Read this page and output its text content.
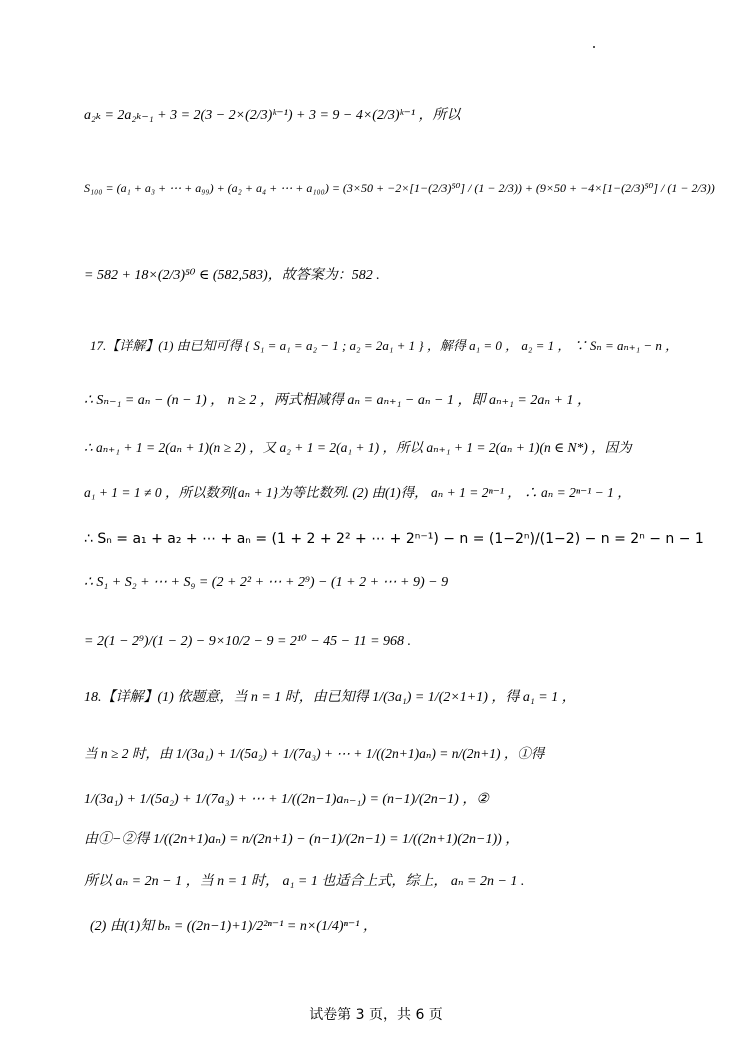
a₂ₖ = 2a₂ₖ₋₁ + 3 = 2(3 − 2×(2/3)ᵏ⁻¹) + 3 = 9 − 4×(2/3)ᵏ⁻¹ ，所以
S₁₀₀ = (a₁ + a₃ + ⋯ + a₉₉) + (a₂ + a₄ + ⋯ + a₁₀₀) = (3×50 + −2×[1−(2/3)⁵⁰] / (1 − 2/3)) + (9×50 + −4×[1−(2/3)⁵⁰] / (1 − 2/3))
= 582 + 18×(2/3)⁵⁰ ∈ (582,583)，故答案为：582 .
17.【详解】(1) 由已知可得 { S₁ = a₁ = a₂ − 1 ; a₂ = 2a₁ + 1 } ，解得 a₁ = 0 ， a₂ = 1 ， ∵ Sₙ = aₙ₊₁ − n ，
∴ Sₙ₋₁ = aₙ − (n − 1) ， n ≥ 2 ，两式相减得 aₙ = aₙ₊₁ − aₙ − 1 ，即 aₙ₊₁ = 2aₙ + 1 ，
∴ aₙ₊₁ + 1 = 2(aₙ + 1)(n ≥ 2) ，又 a₂ + 1 = 2(a₁ + 1) ，所以 aₙ₊₁ + 1 = 2(aₙ + 1)(n ∈ N*) ，因为
a₁ + 1 = 1 ≠ 0 ，所以数列{aₙ + 1}为等比数列. (2) 由(1)得， aₙ + 1 = 2ⁿ⁻¹ ， ∴ aₙ = 2ⁿ⁻¹ − 1 ，
∴ Sₙ = a₁ + a₂ + ⋯ + aₙ = (1 + 2 + 2² + ⋯ + 2ⁿ⁻¹) − n = (1−2ⁿ)/(1−2) − n = 2ⁿ − n − 1
∴ S₁ + S₂ + ⋯ + S₉ = (2 + 2² + ⋯ + 2⁹) − (1 + 2 + ⋯ + 9) − 9
= 2(1 − 2⁹)/(1 − 2) − 9×10/2 − 9 = 2¹⁰ − 45 − 11 = 968 .
18.【详解】(1) 依题意，当 n = 1 时，由已知得 1/(3a₁) = 1/(2×1+1) ，得 a₁ = 1 ，
当 n ≥ 2 时，由 1/(3a₁) + 1/(5a₂) + 1/(7a₃) + ⋯ + 1/((2n+1)aₙ) = n/(2n+1) ，①得
1/(3a₁) + 1/(5a₂) + 1/(7a₃) + ⋯ + 1/((2n−1)aₙ₋₁) = (n−1)/(2n−1) ，②
由①−②得 1/((2n+1)aₙ) = n/(2n+1) − (n−1)/(2n−1) = 1/((2n+1)(2n−1)) ，
所以 aₙ = 2n − 1 ，当 n = 1 时， a₁ = 1 也适合上式，综上， aₙ = 2n − 1 .
(2) 由(1)知 bₙ = ((2n−1)+1)/2²ⁿ⁻¹ = n×(1/4)ⁿ⁻¹ ，
试卷第 3 页，共 6 页
